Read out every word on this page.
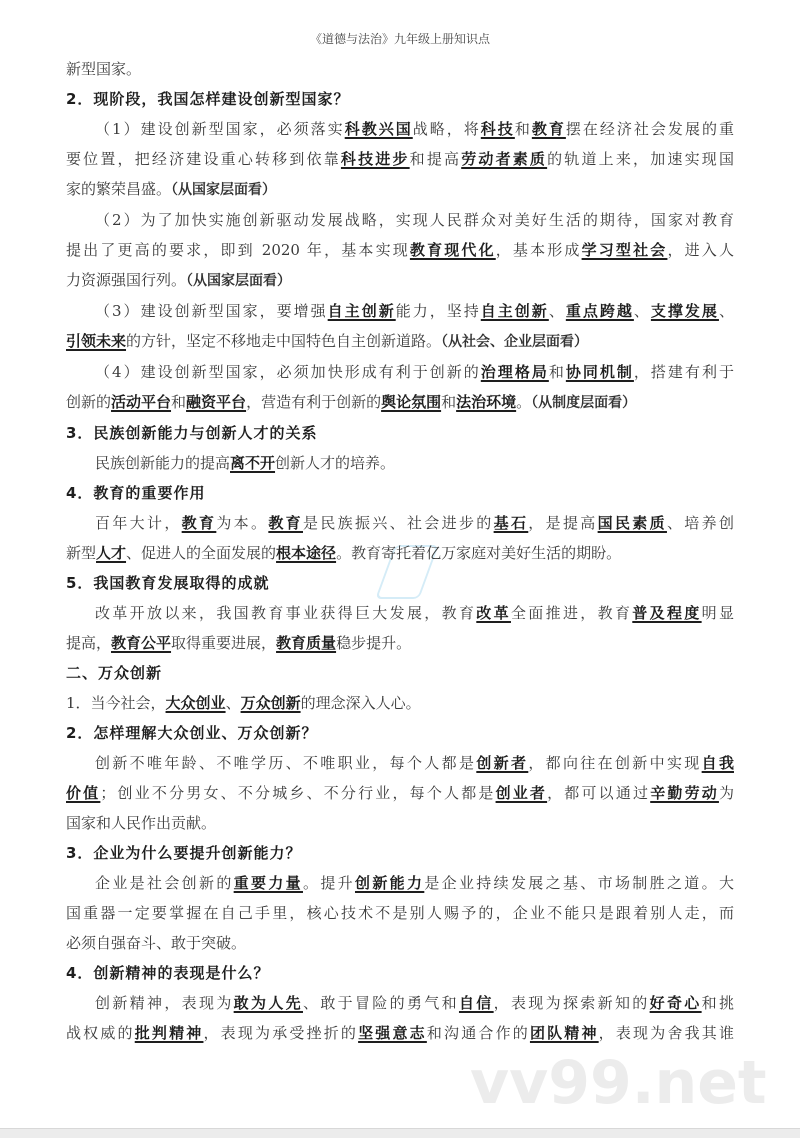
《道德与法治》九年级上册知识点
新型国家。
2．现阶段，我国怎样建设创新型国家？
（1）建设创新型国家，必须落实科教兴国战略，将科技和教育摆在经济社会发展的重
要位置，把经济建设重心转移到依靠科技进步和提高劳动者素质的轨道上来，加速实现国
家的繁荣昌盛。（从国家层面看）
（2）为了加快实施创新驱动发展战略，实现人民群众对美好生活的期待，国家对教育
提出了更高的要求，即到 2020 年，基本实现教育现代化，基本形成学习型社会，进入人
力资源强国行列。（从国家层面看）
（3）建设创新型国家，要增强自主创新能力，坚持自主创新、重点跨越、支撑发展、
引领未来的方针，坚定不移地走中国特色自主创新道路。（从社会、企业层面看）
（4）建设创新型国家，必须加快形成有利于创新的治理格局和协同机制，搭建有利于
创新的活动平台和融资平台，营造有利于创新的舆论氛围和法治环境。（从制度层面看）
3．民族创新能力与创新人才的关系
民族创新能力的提高离不开创新人才的培养。
4．教育的重要作用
百年大计，教育为本。教育是民族振兴、社会进步的基石，是提高国民素质、培养创
新型人才、促进人的全面发展的根本途径。教育寄托着亿万家庭对美好生活的期盼。
5．我国教育发展取得的成就
改革开放以来，我国教育事业获得巨大发展，教育改革全面推进，教育普及程度明显
提高，教育公平取得重要进展，教育质量稳步提升。
二、万众创新
1．当今社会，大众创业、万众创新的理念深入人心。
2．怎样理解大众创业、万众创新？
创新不唯年龄、不唯学历、不唯职业，每个人都是创新者，都向往在创新中实现自我
价值；创业不分男女、不分城乡、不分行业，每个人都是创业者，都可以通过辛勤劳动为
国家和人民作出贡献。
3．企业为什么要提升创新能力？
企业是社会创新的重要力量。提升创新能力是企业持续发展之基、市场制胜之道。大
国重器一定要掌握在自己手里，核心技术不是别人赐予的，企业不能只是跟着别人走，而
必须自强奋斗、敢于突破。
4．创新精神的表现是什么？
创新精神，表现为敢为人先、敢于冒险的勇气和自信，表现为探索新知的好奇心和挑
战权威的批判精神，表现为承受挫折的坚强意志和沟通合作的团队精神，表现为舍我其谁
vv99.net
